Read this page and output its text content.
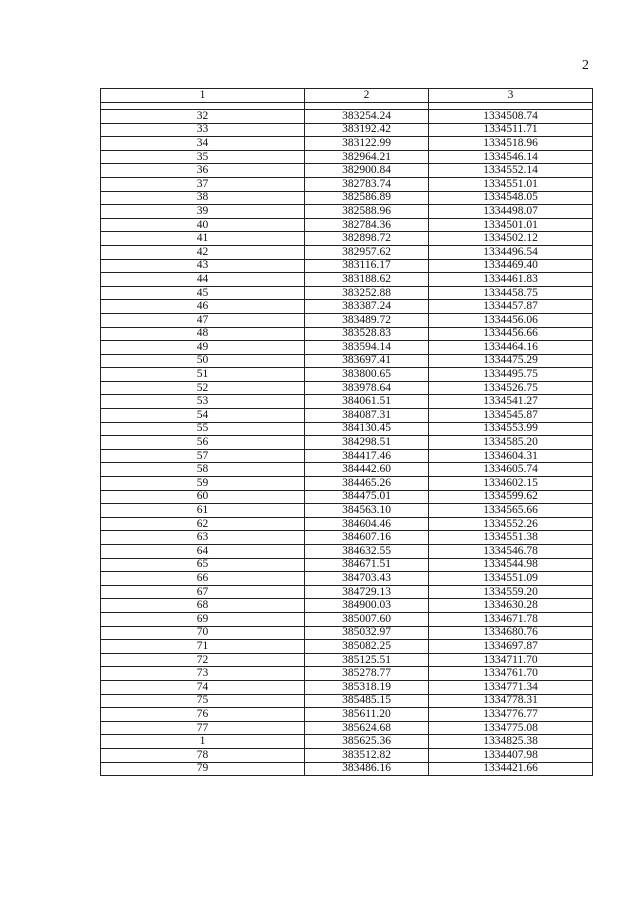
2
1	2	3

32	383254.24	1334508.74
33	383192.42	1334511.71
34	383122.99	1334518.96
35	382964.21	1334546.14
36	382900.84	1334552.14
37	382783.74	1334551.01
38	382586.89	1334548.05
39	382588.96	1334498.07
40	382784.36	1334501.01
41	382898.72	1334502.12
42	382957.62	1334496.54
43	383116.17	1334469.40
44	383188.62	1334461.83
45	383252.88	1334458.75
46	383387.24	1334457.87
47	383489.72	1334456.06
48	383528.83	1334456.66
49	383594.14	1334464.16
50	383697.41	1334475.29
51	383800.65	1334495.75
52	383978.64	1334526.75
53	384061.51	1334541.27
54	384087.31	1334545.87
55	384130.45	1334553.99
56	384298.51	1334585.20
57	384417.46	1334604.31
58	384442.60	1334605.74
59	384465.26	1334602.15
60	384475.01	1334599.62
61	384563.10	1334565.66
62	384604.46	1334552.26
63	384607.16	1334551.38
64	384632.55	1334546.78
65	384671.51	1334544.98
66	384703.43	1334551.09
67	384729.13	1334559.20
68	384900.03	1334630.28
69	385007.60	1334671.78
70	385032.97	1334680.76
71	385082.25	1334697.87
72	385125.51	1334711.70
73	385278.77	1334761.70
74	385318.19	1334771.34
75	385485.15	1334778.31
76	385611.20	1334776.77
77	385624.68	1334775.08
1	385625.36	1334825.38
78	383512.82	1334407.98
79	383486.16	1334421.66
